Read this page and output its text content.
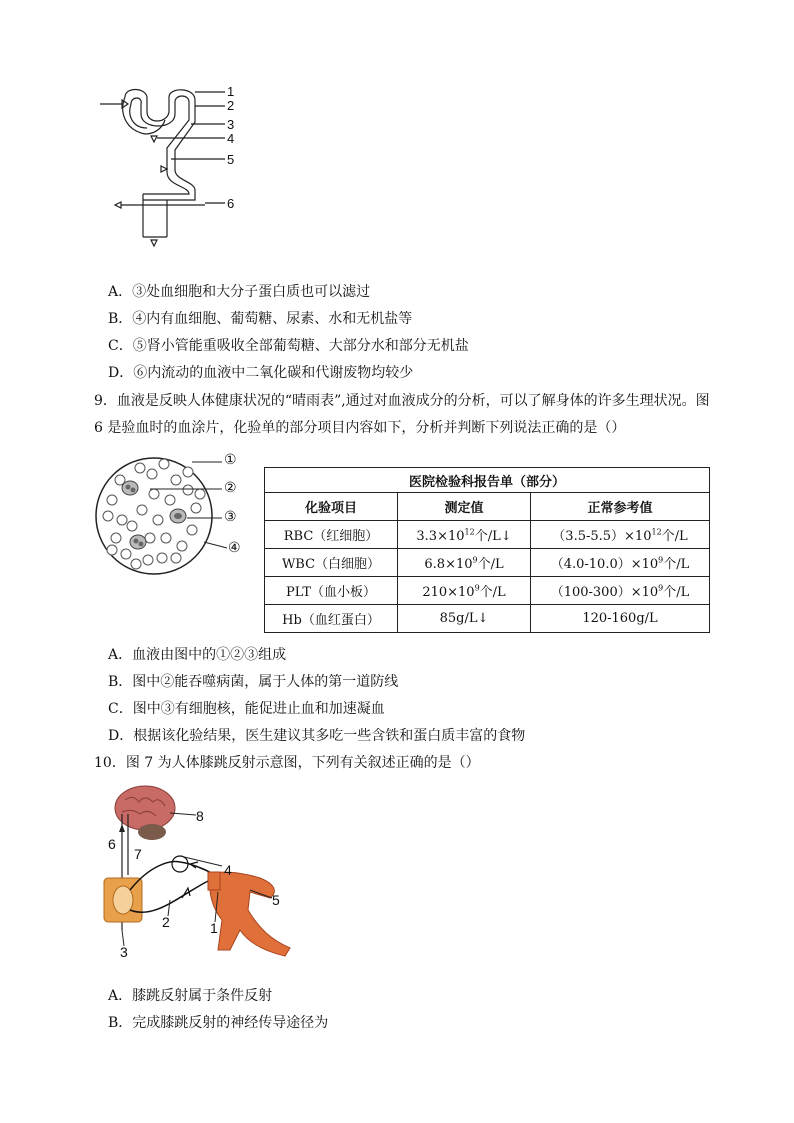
1
2
3
4
5
6
A．③处血细胞和大分子蛋白质也可以滤过
B．④内有血细胞、葡萄糖、尿素、水和无机盐等
C．⑤肾小管能重吸收全部葡萄糖、大部分水和部分无机盐
D．⑥内流动的血液中二氧化碳和代谢废物均较少
9．血液是反映人体健康状况的“晴雨表”,通过对血液成分的分析，可以了解身体的许多生理状况。图
6 是验血时的血涂片，化验单的部分项目内容如下，分析并判断下列说法正确的是（）
①
②
③
④
医院检验科报告单（部分）		
化验项目	测定值	正常参考值
RBC（红细胞）	$3.3\times 10^{12}$个/L↓	$(3.5-5.5)\times 10^{12}$个/L
WBC（白细胞）	$6.8\times 10^9$个/L	$(4.0-10.0)\times 10^9$个/L
PLT（血小板）	$210\times 10^9$个/L	$(100-300)\times 10^9$个/L
Hb（血红蛋白）	85g/L↓	120-160g/L
A．血液由图中的①②③组成
B．图中②能吞噬病菌，属于人体的第一道防线
C．图中③有细胞核，能促进止血和加速凝血
D．根据该化验结果，医生建议其多吃一些含铁和蛋白质丰富的食物
10．图 7 为人体膝跳反射示意图，下列有关叙述正确的是（）
8
6
7
4
5
2	1
3
A．膝跳反射属于条件反射
B．完成膝跳反射的神经传导途径为
